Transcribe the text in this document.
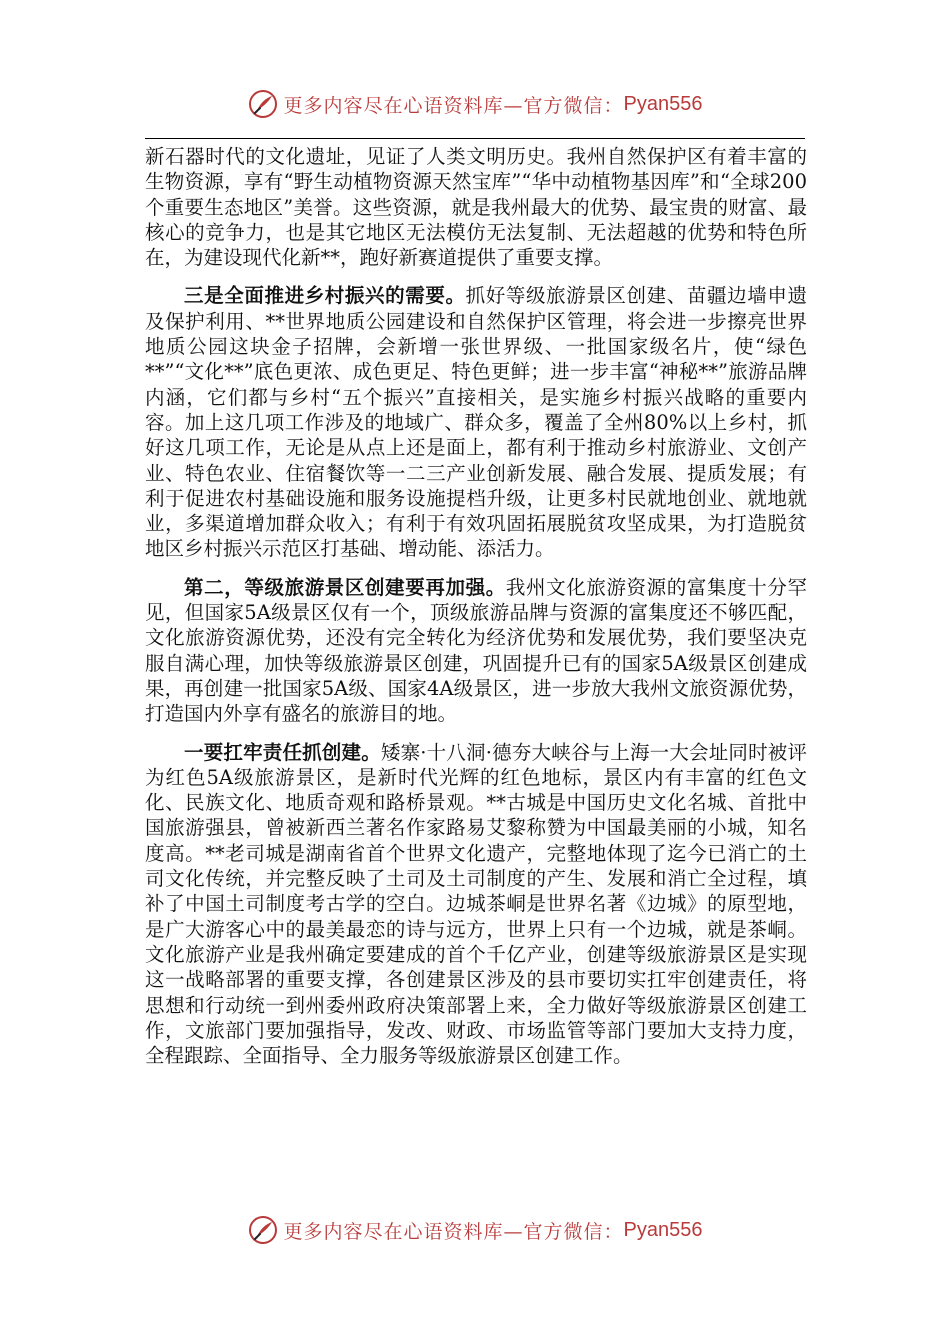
更多内容尽在心语资料库—官方微信： Pyan556

新石器时代的文化遗址，见证了人类文明历史。我州自然保护区有着丰富的生物资源，享有“野生动植物资源天然宝库”“华中动植物基因库”和“全球200个重要生态地区”美誉。这些资源，就是我州最大的优势、最宝贵的财富、最核心的竞争力，也是其它地区无法模仿无法复制、无法超越的优势和特色所在，为建设现代化新**，跑好新赛道提供了重要支撑。

三是全面推进乡村振兴的需要。抓好等级旅游景区创建、苗疆边墙申遗及保护利用、**世界地质公园建设和自然保护区管理，将会进一步擦亮世界地质公园这块金子招牌，会新增一张世界级、一批国家级名片，使“绿色**”“文化**”底色更浓、成色更足、特色更鲜；进一步丰富“神秘**”旅游品牌内涵，它们都与乡村“五个振兴”直接相关，是实施乡村振兴战略的重要内容。加上这几项工作涉及的地域广、群众多，覆盖了全州80%以上乡村，抓好这几项工作，无论是从点上还是面上，都有利于推动乡村旅游业、文创产业、特色农业、住宿餐饮等一二三产业创新发展、融合发展、提质发展；有利于促进农村基础设施和服务设施提档升级，让更多村民就地创业、就地就业，多渠道增加群众收入；有利于有效巩固拓展脱贫攻坚成果，为打造脱贫地区乡村振兴示范区打基础、增动能、添活力。

第二，等级旅游景区创建要再加强。我州文化旅游资源的富集度十分罕见，但国家5A级景区仅有一个，顶级旅游品牌与资源的富集度还不够匹配，文化旅游资源优势，还没有完全转化为经济优势和发展优势，我们要坚决克服自满心理，加快等级旅游景区创建，巩固提升已有的国家5A级景区创建成果，再创建一批国家5A级、国家4A级景区，进一步放大我州文旅资源优势，打造国内外享有盛名的旅游目的地。

一要扛牢责任抓创建。矮寨·十八洞·德夯大峡谷与上海一大会址同时被评为红色5A级旅游景区，是新时代光辉的红色地标，景区内有丰富的红色文化、民族文化、地质奇观和路桥景观。**古城是中国历史文化名城、首批中国旅游强县，曾被新西兰著名作家路易艾黎称赞为中国最美丽的小城，知名度高。**老司城是湖南省首个世界文化遗产，完整地体现了迄今已消亡的土司文化传统，并完整反映了土司及土司制度的产生、发展和消亡全过程，填补了中国土司制度考古学的空白。边城茶峒是世界名著《边城》的原型地，是广大游客心中的最美最恋的诗与远方，世界上只有一个边城，就是茶峒。文化旅游产业是我州确定要建成的首个千亿产业，创建等级旅游景区是实现这一战略部署的重要支撑，各创建景区涉及的县市要切实扛牢创建责任，将思想和行动统一到州委州政府决策部署上来，全力做好等级旅游景区创建工作，文旅部门要加强指导，发改、财政、市场监管等部门要加大支持力度，全程跟踪、全面指导、全力服务等级旅游景区创建工作。

更多内容尽在心语资料库—官方微信： Pyan556
